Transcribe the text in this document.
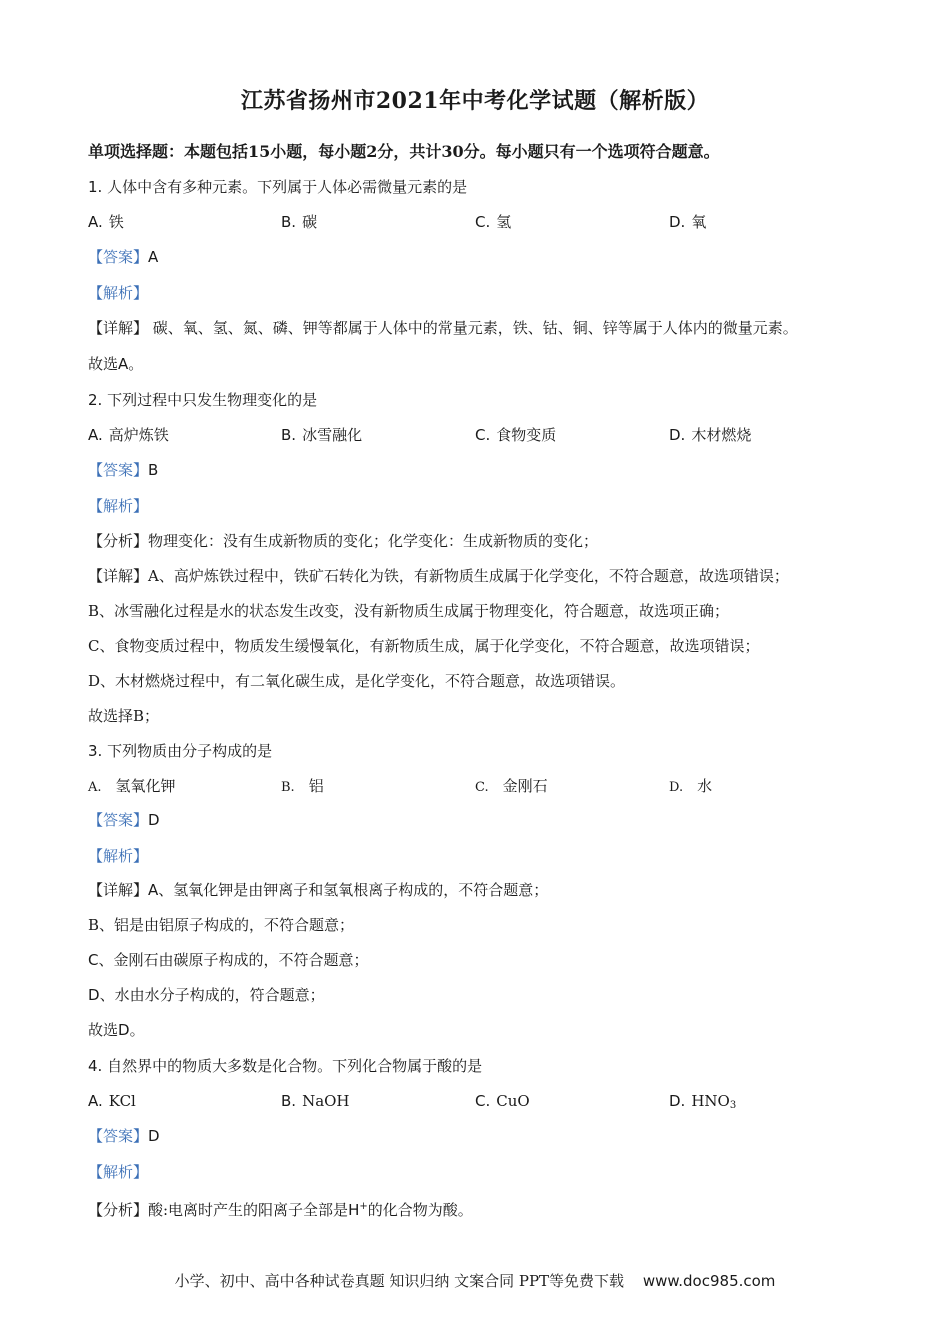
江苏省扬州市2021年中考化学试题（解析版）
单项选择题：本题包括15小题，每小题2分，共计30分。每小题只有一个选项符合题意。
1. 人体中含有多种元素。下列属于人体必需微量元素的是
A. 铁	B. 碳	C. 氢	D. 氧
【答案】A
【解析】
【详解】 碳、氧、氢、氮、磷、钾等都属于人体中的常量元素，铁、钴、铜、锌等属于人体内的微量元素。
故选A。
2. 下列过程中只发生物理变化的是
A. 高炉炼铁	B. 冰雪融化	C. 食物变质	D. 木材燃烧
【答案】B
【解析】
【分析】物理变化：没有生成新物质的变化；化学变化：生成新物质的变化；
【详解】A、高炉炼铁过程中，铁矿石转化为铁，有新物质生成属于化学变化，不符合题意，故选项错误；
B、冰雪融化过程是水的状态发生改变，没有新物质生成属于物理变化，符合题意，故选项正确；
C、食物变质过程中，物质发生缓慢氧化，有新物质生成，属于化学变化，不符合题意，故选项错误；
D、木材燃烧过程中，有二氧化碳生成，是化学变化，不符合题意，故选项错误。
故选择B；
3. 下列物质由分子构成的是
A. 氢氧化钾	B. 铝	C. 金刚石	D. 水
【答案】D
【解析】
【详解】A、氢氧化钾是由钾离子和氢氧根离子构成的，不符合题意；
B、铝是由铝原子构成的，不符合题意；
C、金刚石由碳原子构成的，不符合题意；
D、水由水分子构成的，符合题意；
故选D。
4. 自然界中的物质大多数是化合物。下列化合物属于酸的是
A. KCl	B. NaOH	C. CuO	D. $HNO_3$
【答案】D
【解析】
【分析】酸:电离时产生的阳离子全部是H+的化合物为酸。
小学、初中、高中各种试卷真题 知识归纳 文案合同 PPT等免费下载 www.doc985.com
